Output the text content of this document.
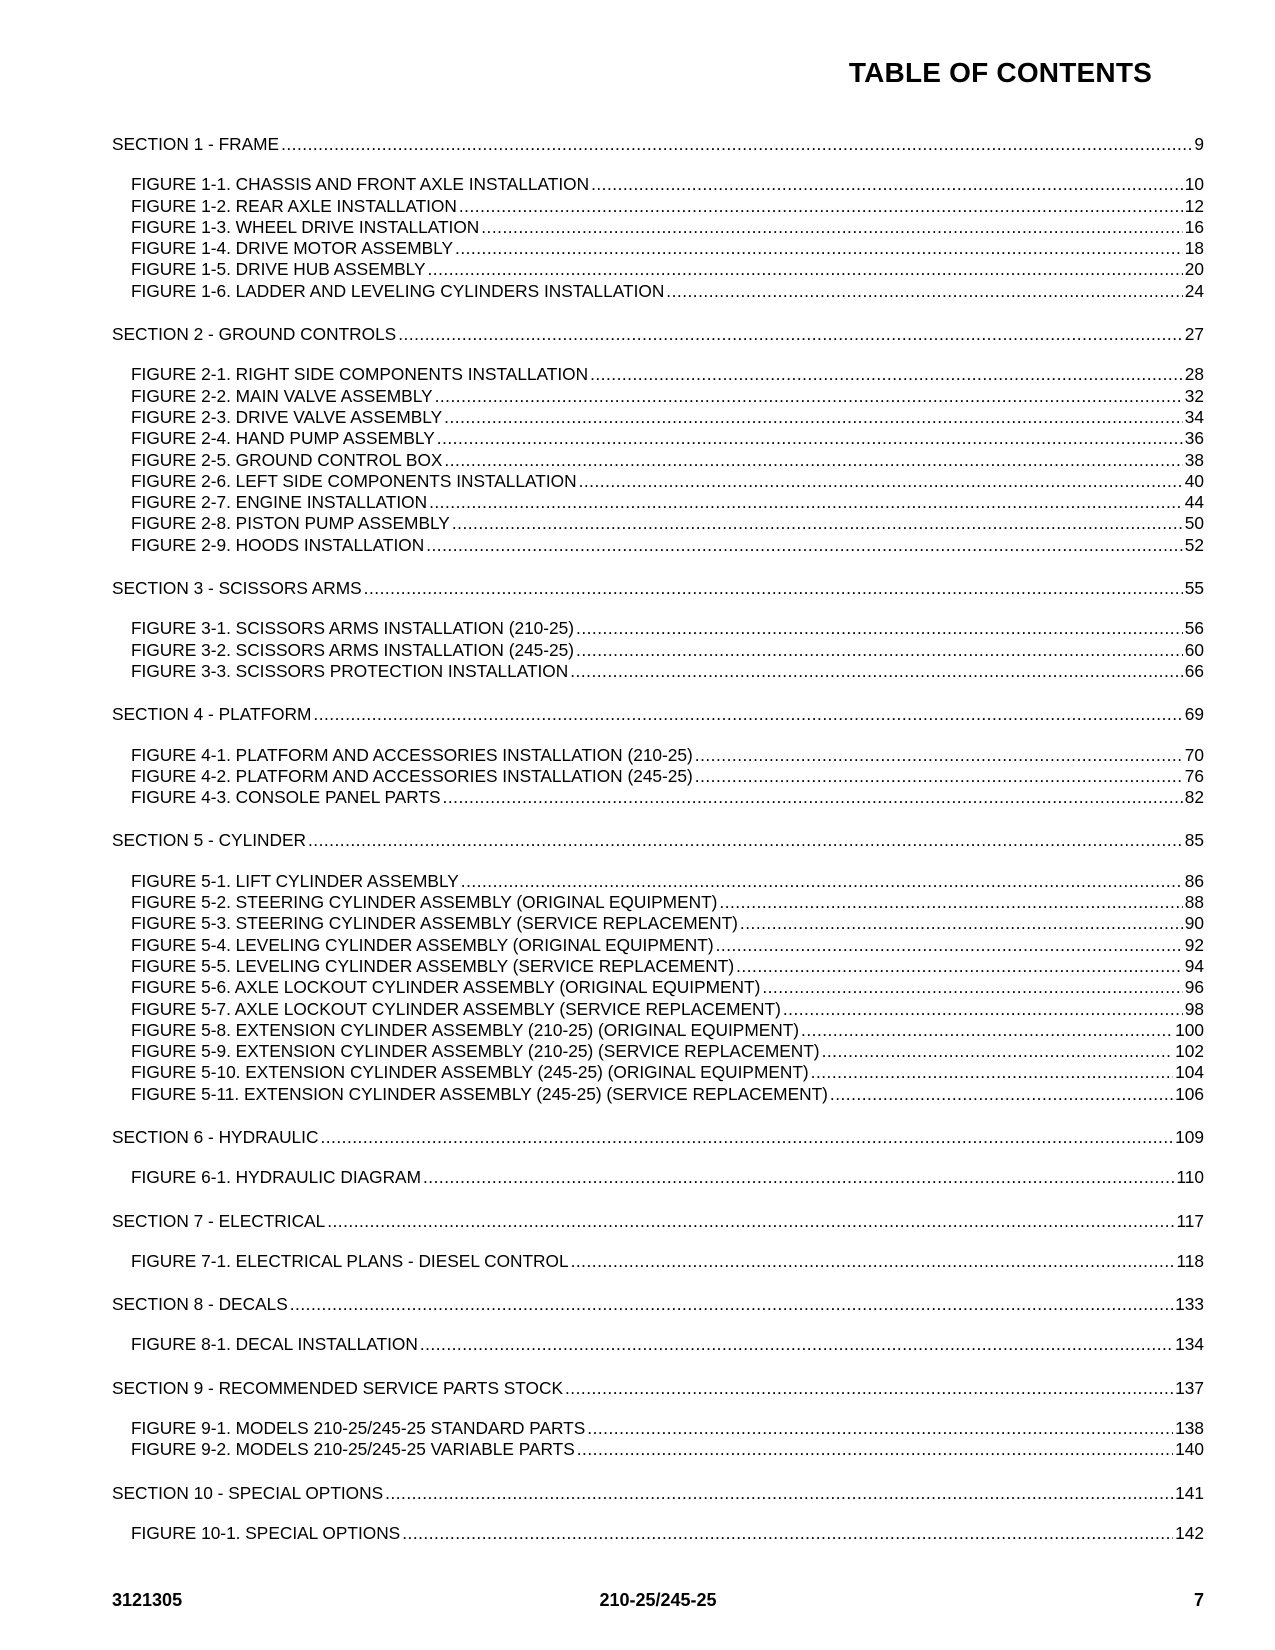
TABLE OF CONTENTS
SECTION 1 - FRAME .....	9
FIGURE 1-1. CHASSIS AND FRONT AXLE INSTALLATION .....	10
FIGURE 1-2. REAR AXLE INSTALLATION .....	12
FIGURE 1-3. WHEEL DRIVE INSTALLATION .....	16
FIGURE 1-4. DRIVE MOTOR ASSEMBLY .....	18
FIGURE 1-5. DRIVE HUB ASSEMBLY .....	20
FIGURE 1-6. LADDER AND LEVELING CYLINDERS INSTALLATION .....	24
SECTION 2 - GROUND CONTROLS .....	27
FIGURE 2-1. RIGHT SIDE COMPONENTS INSTALLATION .....	28
FIGURE 2-2. MAIN VALVE ASSEMBLY .....	32
FIGURE 2-3. DRIVE VALVE ASSEMBLY .....	34
FIGURE 2-4. HAND PUMP ASSEMBLY .....	36
FIGURE 2-5. GROUND CONTROL BOX .....	38
FIGURE 2-6. LEFT SIDE COMPONENTS INSTALLATION .....	40
FIGURE 2-7. ENGINE INSTALLATION .....	44
FIGURE 2-8. PISTON PUMP ASSEMBLY .....	50
FIGURE 2-9. HOODS INSTALLATION .....	52
SECTION 3 - SCISSORS ARMS .....	55
FIGURE 3-1. SCISSORS ARMS INSTALLATION (210-25) .....	56
FIGURE 3-2. SCISSORS ARMS INSTALLATION (245-25) .....	60
FIGURE 3-3. SCISSORS PROTECTION INSTALLATION .....	66
SECTION 4 - PLATFORM .....	69
FIGURE 4-1. PLATFORM AND ACCESSORIES INSTALLATION (210-25) .....	70
FIGURE 4-2. PLATFORM AND ACCESSORIES INSTALLATION (245-25) .....	76
FIGURE 4-3. CONSOLE PANEL PARTS .....	82
SECTION 5 - CYLINDER .....	85
FIGURE 5-1. LIFT CYLINDER ASSEMBLY .....	86
FIGURE 5-2. STEERING CYLINDER ASSEMBLY (ORIGINAL EQUIPMENT) .....	88
FIGURE 5-3. STEERING CYLINDER ASSEMBLY (SERVICE REPLACEMENT) .....	90
FIGURE 5-4. LEVELING CYLINDER ASSEMBLY (ORIGINAL EQUIPMENT) .....	92
FIGURE 5-5. LEVELING CYLINDER ASSEMBLY (SERVICE REPLACEMENT) .....	94
FIGURE 5-6. AXLE LOCKOUT CYLINDER ASSEMBLY (ORIGINAL EQUIPMENT) .....	96
FIGURE 5-7. AXLE LOCKOUT CYLINDER ASSEMBLY (SERVICE REPLACEMENT) .....	98
FIGURE 5-8. EXTENSION CYLINDER ASSEMBLY (210-25) (ORIGINAL EQUIPMENT) .....	100
FIGURE 5-9. EXTENSION CYLINDER ASSEMBLY (210-25) (SERVICE REPLACEMENT) .....	102
FIGURE 5-10. EXTENSION CYLINDER ASSEMBLY (245-25) (ORIGINAL EQUIPMENT) .....	104
FIGURE 5-11. EXTENSION CYLINDER ASSEMBLY (245-25) (SERVICE REPLACEMENT) .....	106
SECTION 6 - HYDRAULIC .....	109
FIGURE 6-1. HYDRAULIC DIAGRAM .....	110
SECTION 7 - ELECTRICAL .....	117
FIGURE 7-1. ELECTRICAL PLANS - DIESEL CONTROL .....	118
SECTION 8 - DECALS .....	133
FIGURE 8-1. DECAL INSTALLATION .....	134
SECTION 9 - RECOMMENDED SERVICE PARTS STOCK .....	137
FIGURE 9-1. MODELS 210-25/245-25 STANDARD PARTS .....	138
FIGURE 9-2. MODELS 210-25/245-25 VARIABLE PARTS .....	140
SECTION 10 - SPECIAL OPTIONS .....	141
FIGURE 10-1. SPECIAL OPTIONS .....	142
3121305	210-25/245-25	7
